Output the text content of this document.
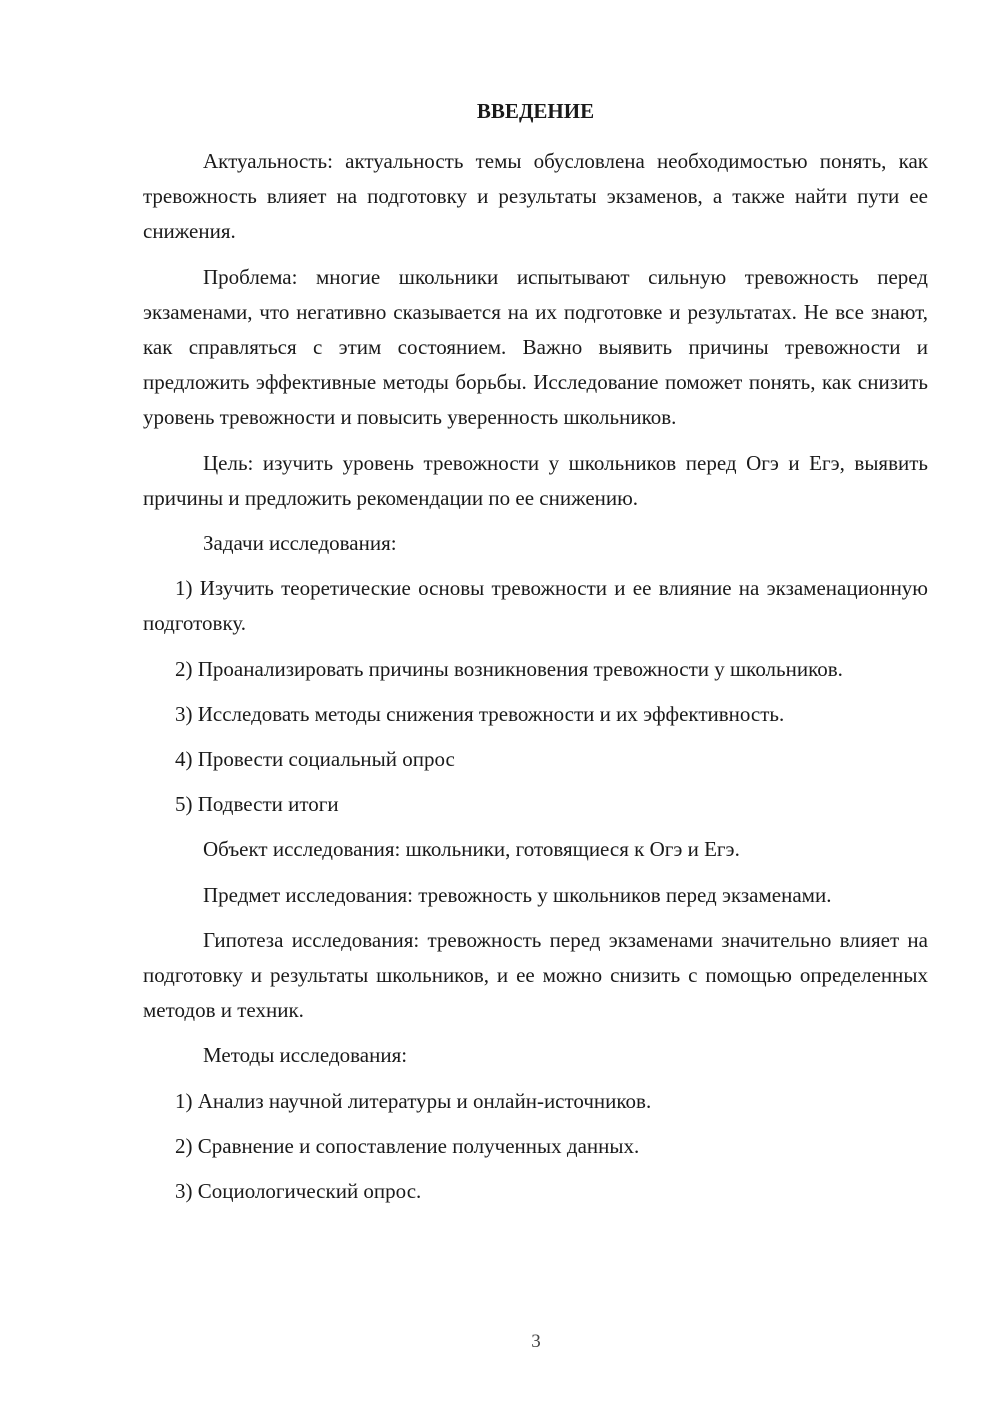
ВВЕДЕНИЕ

Актуальность: актуальность темы обусловлена необходимостью понять, как тревожность влияет на подготовку и результаты экзаменов, а также найти пути ее снижения.

Проблема: многие школьники испытывают сильную тревожность перед экзаменами, что негативно сказывается на их подготовке и результатах. Не все знают, как справляться с этим состоянием. Важно выявить причины тревожности и предложить эффективные методы борьбы. Исследование поможет понять, как снизить уровень тревожности и повысить уверенность школьников.

Цель: изучить уровень тревожности у школьников перед Огэ и Егэ, выявить причины и предложить рекомендации по ее снижению.

Задачи исследования:

1) Изучить теоретические основы тревожности и ее влияние на экзаменационную подготовку.

2) Проанализировать причины возникновения тревожности у школьников.

3) Исследовать методы снижения тревожности и их эффективность.

4) Провести социальный опрос

5) Подвести итоги

Объект исследования: школьники, готовящиеся к Огэ и Егэ.

Предмет исследования: тревожность у школьников перед экзаменами.

Гипотеза исследования: тревожность перед экзаменами значительно влияет на подготовку и результаты школьников, и ее можно снизить с помощью определенных методов и техник.

Методы исследования:

1) Анализ научной литературы и онлайн-источников.

2) Сравнение и сопоставление полученных данных.

3) Социологический опрос.

3
